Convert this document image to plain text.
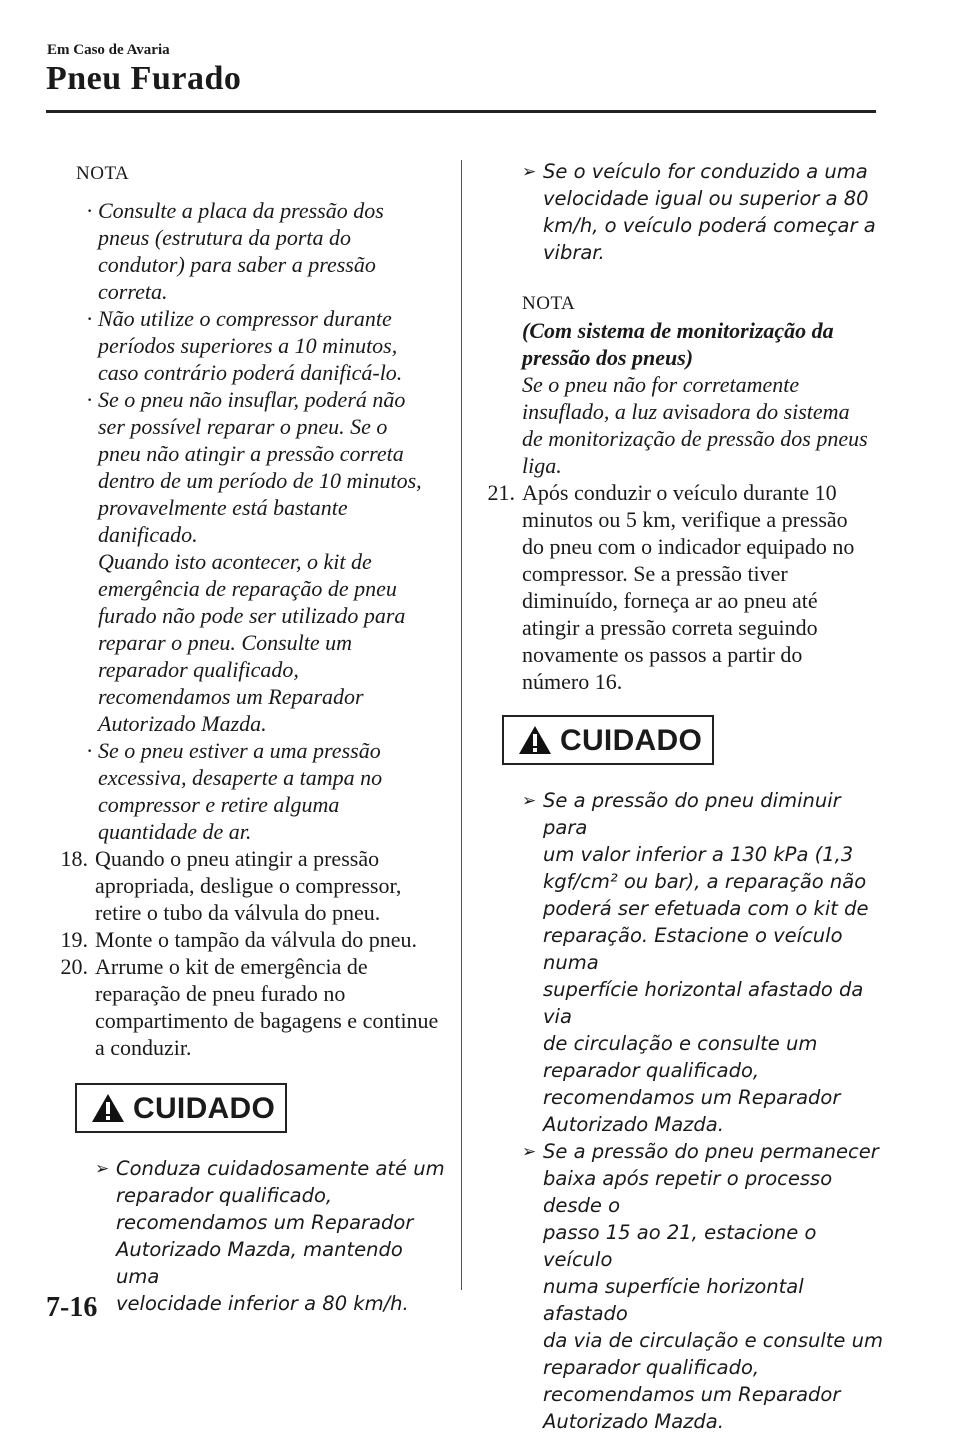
Em Caso de Avaria
Pneu Furado
NOTA
· Consulte a placa da pressão dos
pneus (estrutura da porta do
condutor) para saber a pressão
correta.
· Não utilize o compressor durante
períodos superiores a 10 minutos,
caso contrário poderá danificá-lo.
· Se o pneu não insuflar, poderá não
ser possível reparar o pneu. Se o
pneu não atingir a pressão correta
dentro de um período de 10 minutos,
provavelmente está bastante
danificado.
Quando isto acontecer, o kit de
emergência de reparação de pneu
furado não pode ser utilizado para
reparar o pneu. Consulte um
reparador qualificado,
recomendamos um Reparador
Autorizado Mazda.
· Se o pneu estiver a uma pressão
excessiva, desaperte a tampa no
compressor e retire alguma
quantidade de ar.
18. Quando o pneu atingir a pressão
apropriada, desligue o compressor,
retire o tubo da válvula do pneu.
19. Monte o tampão da válvula do pneu.
20. Arrume o kit de emergência de
reparação de pneu furado no
compartimento de bagagens e continue
a conduzir.
CUIDADO
➢ Conduza cuidadosamente até um
reparador qualificado,
recomendamos um Reparador
Autorizado Mazda, mantendo uma
velocidade inferior a 80 km/h.
➢ Se o veículo for conduzido a uma
velocidade igual ou superior a 80
km/h, o veículo poderá começar a
vibrar.
NOTA
(Com sistema de monitorização da
pressão dos pneus)
Se o pneu não for corretamente
insuflado, a luz avisadora do sistema
de monitorização de pressão dos pneus
liga.
21. Após conduzir o veículo durante 10
minutos ou 5 km, verifique a pressão
do pneu com o indicador equipado no
compressor. Se a pressão tiver
diminuído, forneça ar ao pneu até
atingir a pressão correta seguindo
novamente os passos a partir do
número 16.
CUIDADO
➢ Se a pressão do pneu diminuir para
um valor inferior a 130 kPa (1,3
kgf/cm² ou bar), a reparação não
poderá ser efetuada com o kit de
reparação. Estacione o veículo numa
superfície horizontal afastado da via
de circulação e consulte um
reparador qualificado,
recomendamos um Reparador
Autorizado Mazda.
➢ Se a pressão do pneu permanecer
baixa após repetir o processo desde o
passo 15 ao 21, estacione o veículo
numa superfície horizontal afastado
da via de circulação e consulte um
reparador qualificado,
recomendamos um Reparador
Autorizado Mazda.
7-16
